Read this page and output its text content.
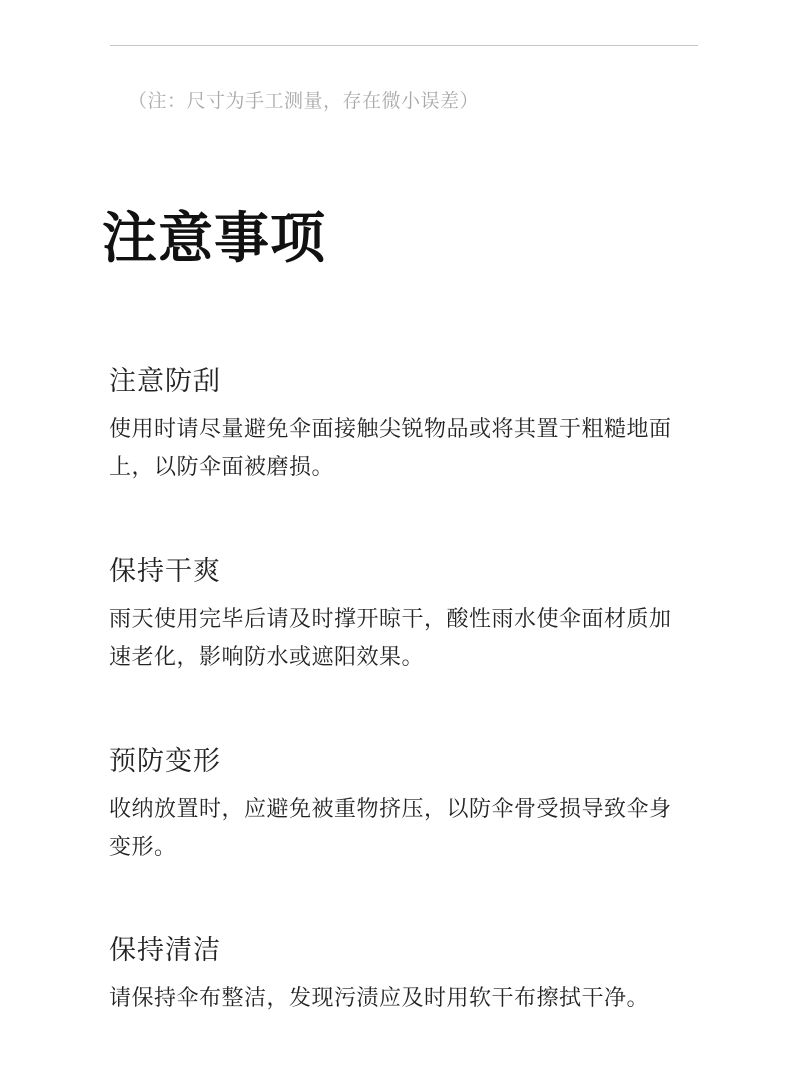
（注：尺寸为手工测量，存在微小误差）
注意事项
注意防刮

使用时请尽量避免伞面接触尖锐物品或将其置于粗糙地面上，以防伞面被磨损。

保持干爽

雨天使用完毕后请及时撑开晾干，酸性雨水使伞面材质加速老化，影响防水或遮阳效果。

预防变形

收纳放置时，应避免被重物挤压，以防伞骨受损导致伞身变形。

保持清洁

请保持伞布整洁，发现污渍应及时用软干布擦拭干净。
